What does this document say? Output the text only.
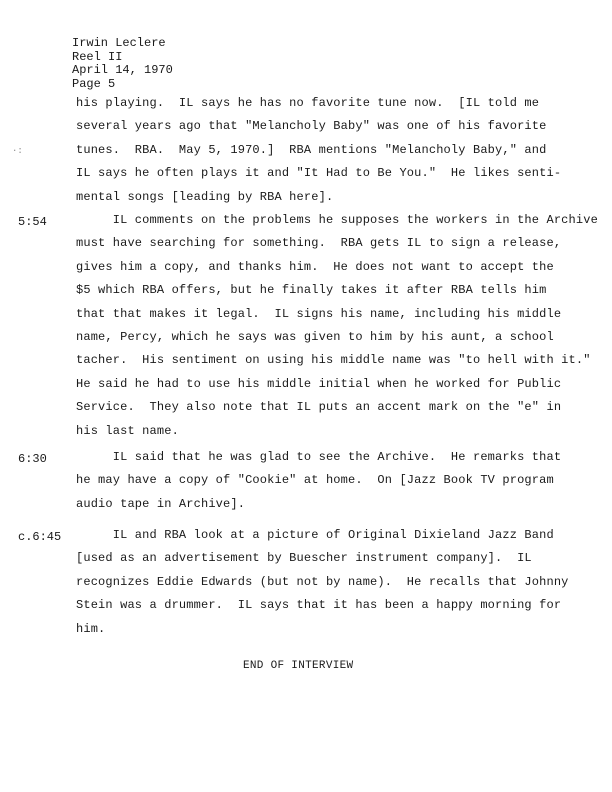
Irwin Leclere
Reel II
April 14, 1970
Page 5
·:
his playing.  IL says he has no favorite tune now.  [IL told me
several years ago that "Melancholy Baby" was one of his favorite
tunes.  RBA.  May 5, 1970.]  RBA mentions "Melancholy Baby," and
IL says he often plays it and "It Had to Be You."  He likes senti-
mental songs [leading by RBA here].
5:54 IL comments on the problems he supposes the workers in the Archive
must have searching for something.  RBA gets IL to sign a release,
gives him a copy, and thanks him.  He does not want to accept the
$5 which RBA offers, but he finally takes it after RBA tells him
that that makes it legal.  IL signs his name, including his middle
name, Percy, which he says was given to him by his aunt, a school
tacher.  His sentiment on using his middle name was "to hell with it."
He said he had to use his middle initial when he worked for Public
Service.  They also note that IL puts an accent mark on the "e" in
his last name.
6:30 IL said that he was glad to see the Archive.  He remarks that
he may have a copy of "Cookie" at home.  On [Jazz Book TV program
audio tape in Archive].
c.6:45 IL and RBA look at a picture of Original Dixieland Jazz Band
[used as an advertisement by Buescher instrument company].  IL
recognizes Eddie Edwards (but not by name).  He recalls that Johnny
Stein was a drummer.  IL says that it has been a happy morning for
him.
END OF INTERVIEW
